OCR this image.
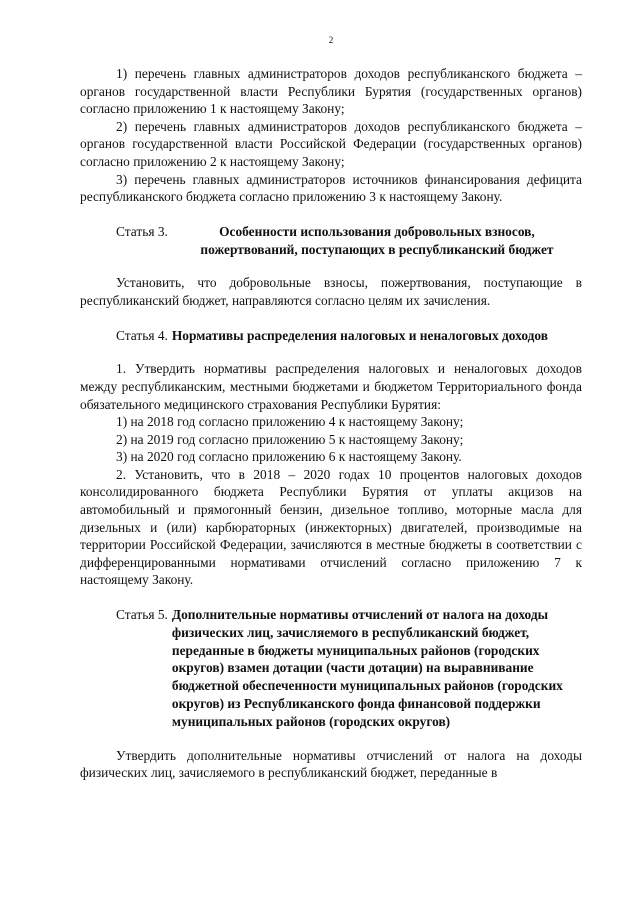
2

1) перечень главных администраторов доходов республиканского бюджета – органов государственной власти Республики Бурятия (государственных органов) согласно приложению 1 к настоящему Закону;

2) перечень главных администраторов доходов республиканского бюджета – органов государственной власти Российской Федерации (государственных органов) согласно приложению 2 к настоящему Закону;

3) перечень главных администраторов источников финансирования дефицита республиканского бюджета согласно приложению 3 к настоящему Закону.

Статья 3.	Особенности использования добровольных взносов, пожертвований, поступающих в республиканский бюджет

Установить, что добровольные взносы, пожертвования, поступающие в республиканский бюджет, направляются согласно целям их зачисления.

Статья 4. Нормативы распределения налоговых и неналоговых доходов

1. Утвердить нормативы распределения налоговых и неналоговых доходов между республиканским, местными бюджетами и бюджетом Территориального фонда обязательного медицинского страхования Республики Бурятия:

1) на 2018 год согласно приложению 4 к настоящему Закону;

2) на 2019 год согласно приложению 5 к настоящему Закону;

3) на 2020 год согласно приложению 6 к настоящему Закону.

2. Установить, что в 2018 – 2020 годах 10 процентов налоговых доходов консолидированного бюджета Республики Бурятия от уплаты акцизов на автомобильный и прямогонный бензин, дизельное топливо, моторные масла для дизельных и (или) карбюраторных (инжекторных) двигателей, производимые на территории Российской Федерации, зачисляются в местные бюджеты в соответствии с дифференцированными нормативами отчислений согласно приложению 7 к настоящему Закону.

Статья 5. Дополнительные нормативы отчислений от налога на доходы физических лиц, зачисляемого в республиканский бюджет, переданные в бюджеты муниципальных районов (городских округов) взамен дотации (части дотации) на выравнивание бюджетной обеспеченности муниципальных районов (городских округов) из Республиканского фонда финансовой поддержки муниципальных районов (городских округов)

Утвердить дополнительные нормативы отчислений от налога на доходы физических лиц, зачисляемого в республиканский бюджет, переданные в
